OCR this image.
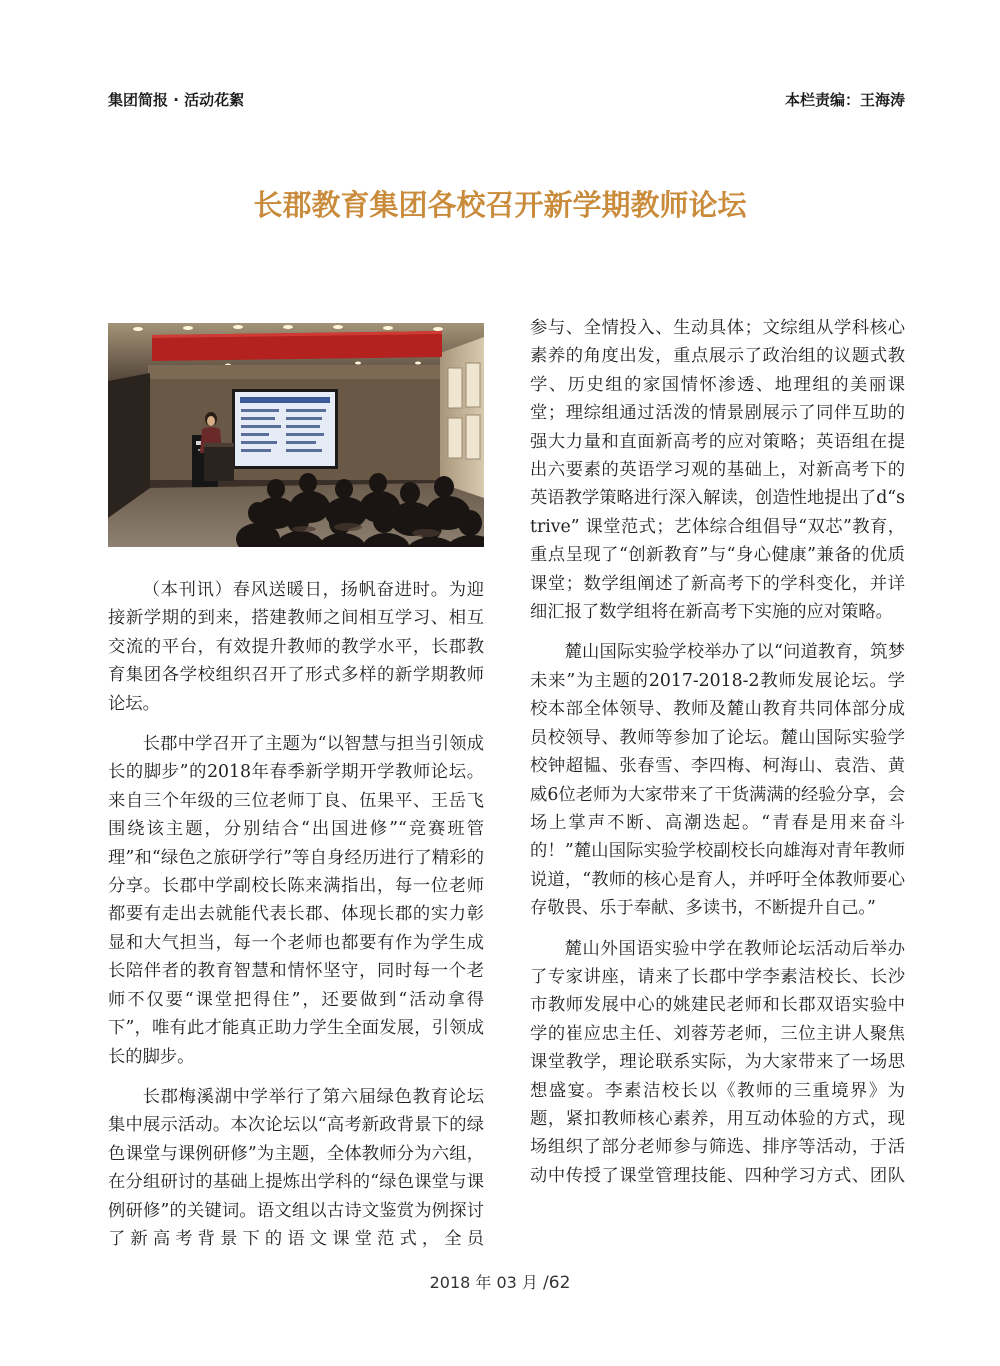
集团简报 · 活动花絮	本栏责编：王海涛
长郡教育集团各校召开新学期教师论坛

（本刊讯）春风送暖日，扬帆奋进时。为迎接新学期的到来，搭建教师之间相互学习、相互交流的平台，有效提升教师的教学水平，长郡教育集团各学校组织召开了形式多样的新学期教师论坛。

长郡中学召开了主题为“以智慧与担当引领成长的脚步”的2018年春季新学期开学教师论坛。来自三个年级的三位老师丁良、伍果平、王岳飞围绕该主题，分别结合“出国进修”“竞赛班管理”和“绿色之旅研学行”等自身经历进行了精彩的分享。长郡中学副校长陈来满指出，每一位老师都要有走出去就能代表长郡、体现长郡的实力彰显和大气担当，每一个老师也都要有作为学生成长陪伴者的教育智慧和情怀坚守，同时每一个老师不仅要“课堂把得住”，还要做到“活动拿得下”，唯有此才能真正助力学生全面发展，引领成长的脚步。

长郡梅溪湖中学举行了第六届绿色教育论坛集中展示活动。本次论坛以“高考新政背景下的绿色课堂与课例研修”为主题，全体教师分为六组，在分组研讨的基础上提炼出学科的“绿色课堂与课例研修”的关键词。语文组以古诗文鉴赏为例探讨了新高考背景下的语文课堂范式，全员

参与、全情投入、生动具体；文综组从学科核心素养的角度出发，重点展示了政治组的议题式教学、历史组的家国情怀渗透、地理组的美丽课堂；理综组通过活泼的情景剧展示了同伴互助的强大力量和直面新高考的应对策略；英语组在提出六要素的英语学习观的基础上，对新高考下的英语教学策略进行深入解读，创造性地提出了d“strive” 课堂范式；艺体综合组倡导“双芯”教育，重点呈现了“创新教育”与“身心健康”兼备的优质课堂；数学组阐述了新高考下的学科变化，并详细汇报了数学组将在新高考下实施的应对策略。

麓山国际实验学校举办了以“问道教育，筑梦未来”为主题的2017-2018-2教师发展论坛。学校本部全体领导、教师及麓山教育共同体部分成员校领导、教师等参加了论坛。麓山国际实验学校钟超韫、张春雪、李四梅、柯海山、袁浩、黄威6位老师为大家带来了干货满满的经验分享，会场上掌声不断、高潮迭起。“青春是用来奋斗的！”麓山国际实验学校副校长向雄海对青年教师说道，“教师的核心是育人，并呼吁全体教师要心存敬畏、乐于奉献、多读书，不断提升自己。”

麓山外国语实验中学在教师论坛活动后举办了专家讲座，请来了长郡中学李素洁校长、长沙市教师发展中心的姚建民老师和长郡双语实验中学的崔应忠主任、刘蓉芳老师，三位主讲人聚焦课堂教学，理论联系实际，为大家带来了一场思想盛宴。李素洁校长以《教师的三重境界》为题，紧扣教师核心素养，用互动体验的方式，现场组织了部分老师参与筛选、排序等活动，于活动中传授了课堂管理技能、四种学习方式、团队

2018 年 03 月 /62
